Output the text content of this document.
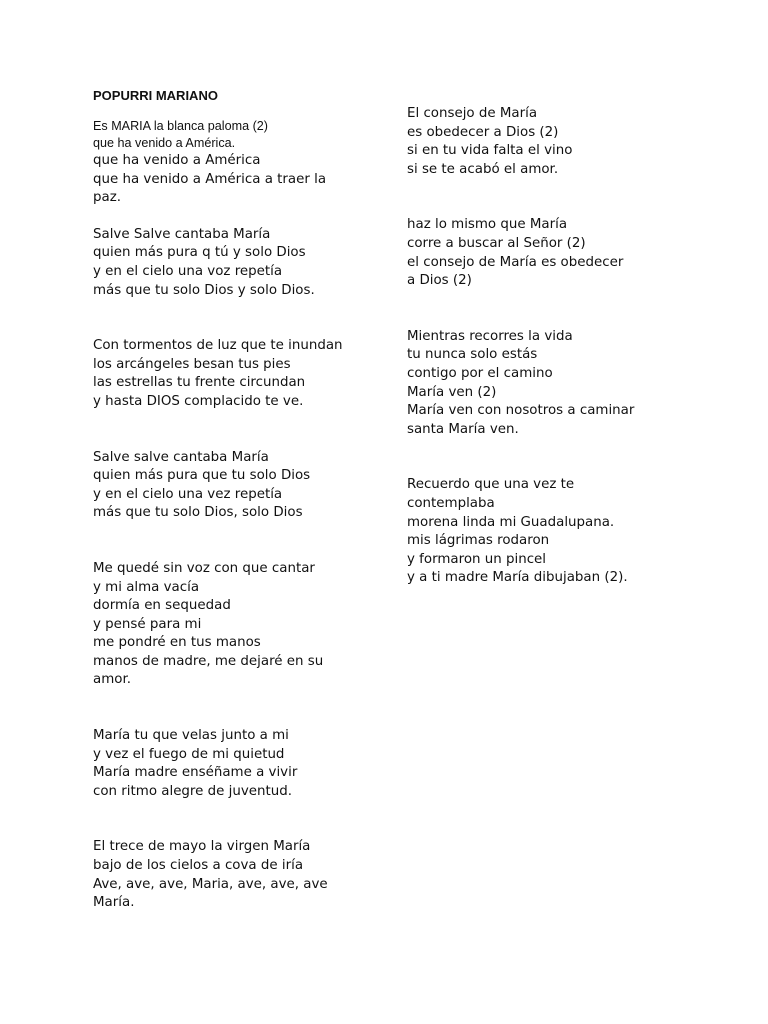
POPURRI MARIANO
Es MARIA la blanca paloma (2)
que ha venido a América.
que ha venido a América
que ha venido a América a traer la
paz.
Salve Salve cantaba María
quien más pura q tú y solo Dios
y en el cielo una voz repetía
más que tu solo Dios y solo Dios.
Con tormentos de luz que te inundan
los arcángeles besan tus pies
las estrellas tu frente circundan
y hasta DIOS complacido te ve.
Salve salve cantaba María
quien más pura que tu solo Dios
y en el cielo una vez repetía
más que tu solo Dios, solo Dios
Me quedé sin voz con que cantar
y mi alma vacía
dormía en sequedad
y pensé para mi
me pondré en tus manos
manos de madre, me dejaré en su
amor.
María tu que velas junto a mi
y vez el fuego de mi quietud
María madre enséñame a vivir
con ritmo alegre de juventud.
El trece de mayo la virgen María
bajo de los cielos a cova de iría
Ave, ave, ave, Maria, ave, ave, ave
María.
El consejo de María
es obedecer a Dios (2)
si en tu vida falta el vino
si se te acabó el amor.
haz lo mismo que María
corre a buscar al Señor (2)
el consejo de María es obedecer
a Dios (2)
Mientras recorres la vida
tu nunca solo estás
contigo por el camino
María ven (2)
María ven con nosotros a caminar
santa María ven.
Recuerdo que una vez te
contemplaba
morena linda mi Guadalupana.
mis lágrimas rodaron
y formaron un pincel
y a ti madre María dibujaban (2).
